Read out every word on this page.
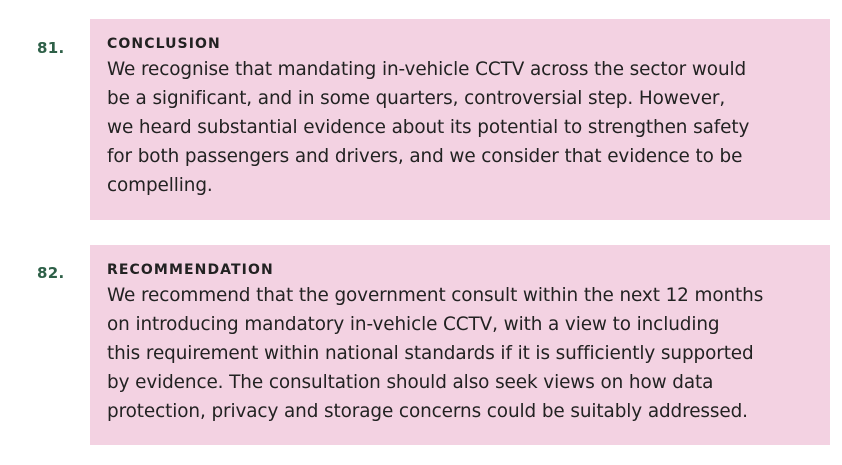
81.	CONCLUSION

We recognise that mandating in-vehicle CCTV across the sector would
be a significant, and in some quarters, controversial step. However,
we heard substantial evidence about its potential to strengthen safety
for both passengers and drivers, and we consider that evidence to be
compelling.

82.	RECOMMENDATION

We recommend that the government consult within the next 12 months
on introducing mandatory in-vehicle CCTV, with a view to including
this requirement within national standards if it is sufficiently supported
by evidence. The consultation should also seek views on how data
protection, privacy and storage concerns could be suitably addressed.
